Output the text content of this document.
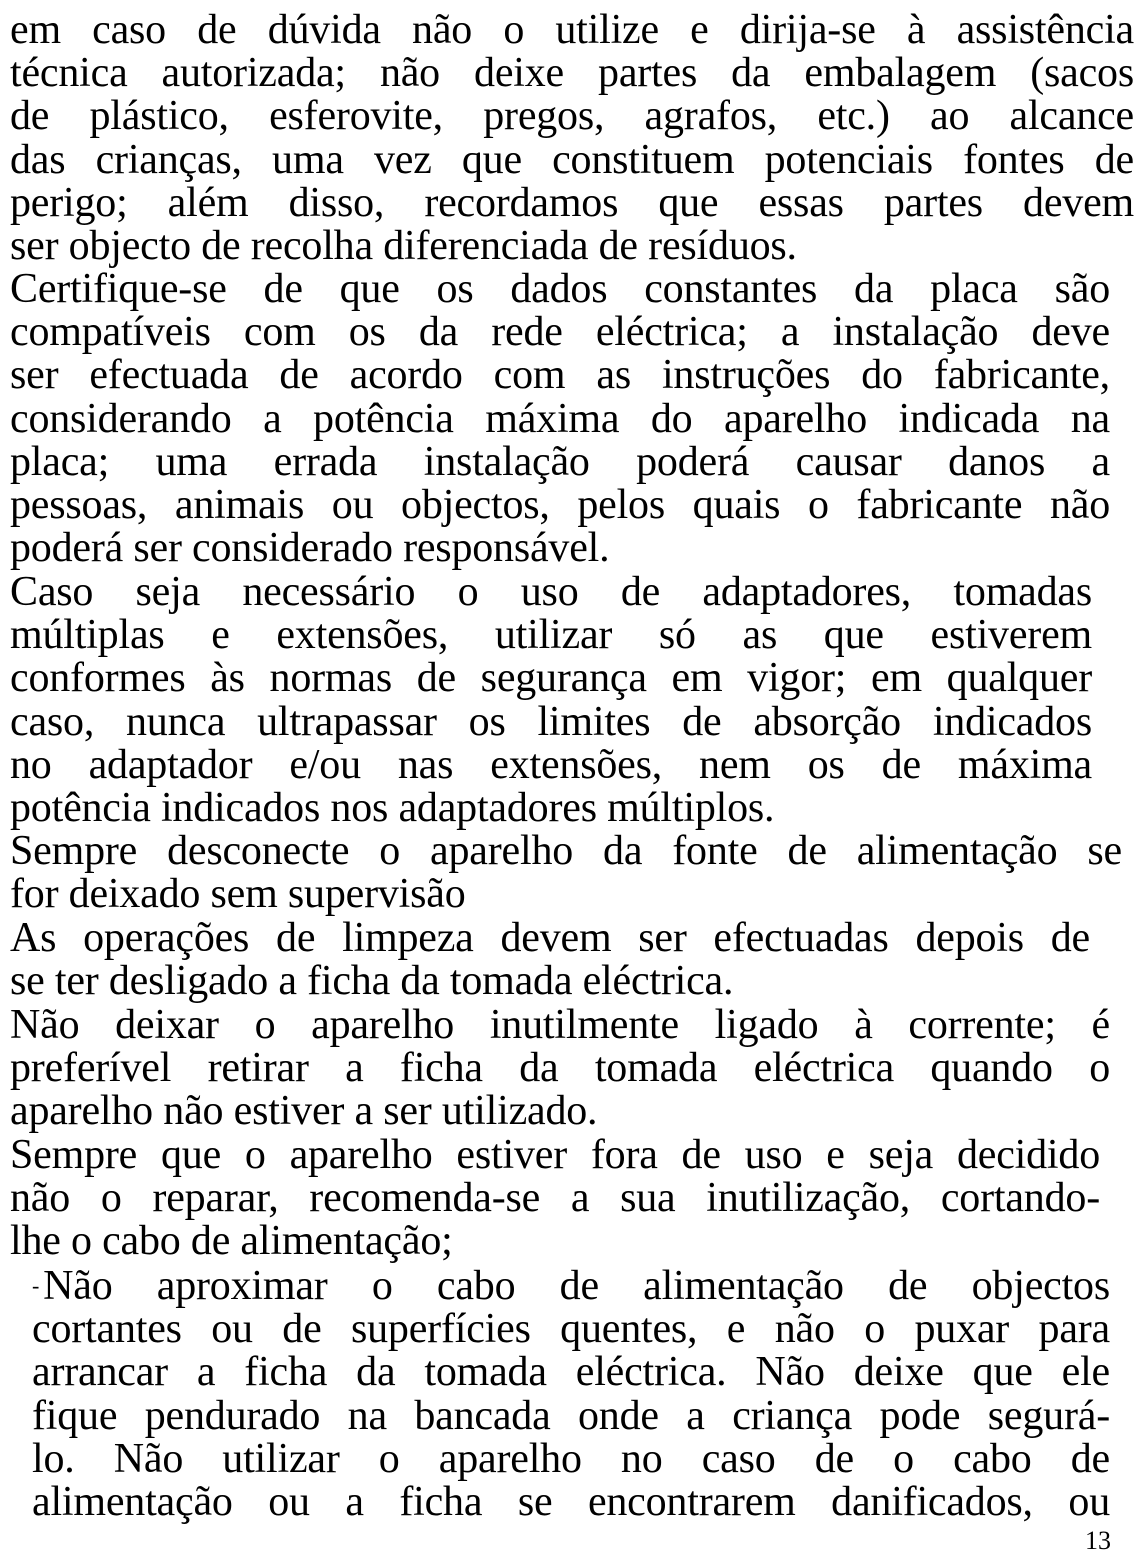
em caso de dúvida não o utilize e dirija-se à assistência
técnica autorizada; não deixe partes da embalagem (sacos
de plástico, esferovite, pregos, agrafos, etc.) ao alcance
das crianças, uma vez que constituem potenciais fontes de
perigo; além disso, recordamos que essas partes devem
ser objecto de recolha diferenciada de resíduos.
Certifique-se de que os dados constantes da placa são
compatíveis com os da rede eléctrica; a instalação deve
ser efectuada de acordo com as instruções do fabricante,
considerando a potência máxima do aparelho indicada na
placa; uma errada instalação poderá causar danos a
pessoas, animais ou objectos, pelos quais o fabricante não
poderá ser considerado responsável.
Caso seja necessário o uso de adaptadores, tomadas
múltiplas e extensões, utilizar só as que estiverem
conformes às normas de segurança em vigor; em qualquer
caso, nunca ultrapassar os limites de absorção indicados
no adaptador e/ou nas extensões, nem os de máxima
potência indicados nos adaptadores múltiplos.
Sempre desconecte o aparelho da fonte de alimentação se
for deixado sem supervisão
As operações de limpeza devem ser efectuadas depois de
se ter desligado a ficha da tomada eléctrica.
Não deixar o aparelho inutilmente ligado à corrente; é
preferível retirar a ficha da tomada eléctrica quando o
aparelho não estiver a ser utilizado.
Sempre que o aparelho estiver fora de uso e seja decidido
não o reparar, recomenda-se a sua inutilização, cortando-
lhe o cabo de alimentação;
-Não aproximar o cabo de alimentação de objectos
cortantes ou de superfícies quentes, e não o puxar para
arrancar a ficha da tomada eléctrica. Não deixe que ele
fique pendurado na bancada onde a criança pode segurá-
lo. Não utilizar o aparelho no caso de o cabo de
alimentação ou a ficha se encontrarem danificados, ou
13
